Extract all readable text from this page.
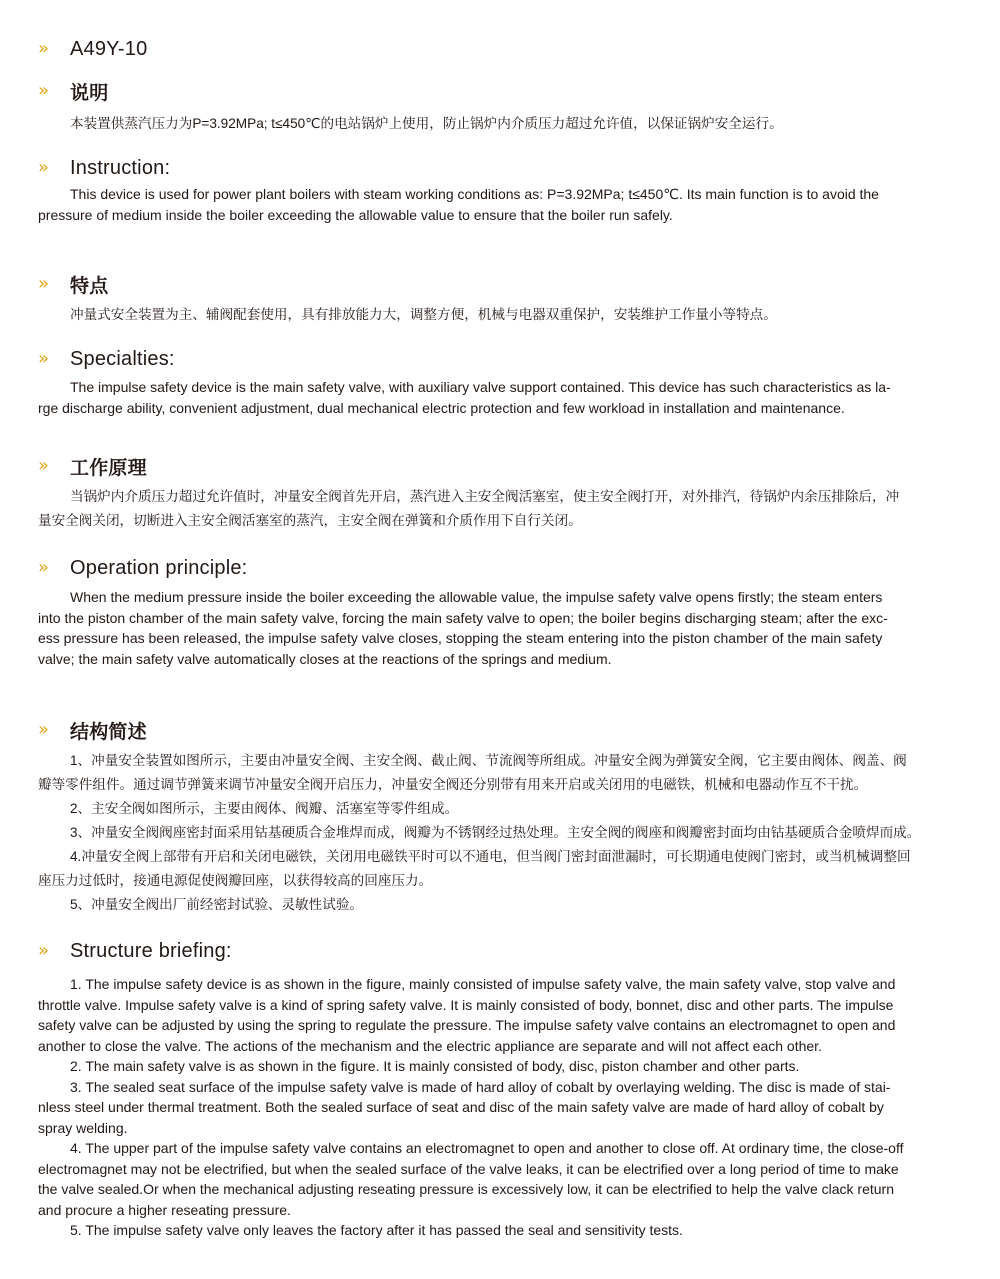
»	A49Y-10
»	说明
本装置供蒸汽压力为P=3.92MPa; t≤450℃的电站锅炉上使用，防止锅炉内介质压力超过允许值，以保证锅炉安全运行。
»	Instruction:
This device is used for power plant boilers with steam working conditions as: P=3.92MPa; t≤450℃. Its main function is to avoid the
pressure of medium inside the boiler exceeding the allowable value to ensure that the boiler run safely.
»	特点
冲量式安全装置为主、辅阀配套使用，具有排放能力大，调整方便，机械与电器双重保护，安装维护工作量小等特点。
»	Specialties:
The impulse safety device is the main safety valve, with auxiliary valve support contained. This device has such characteristics as la-
rge discharge ability, convenient adjustment, dual mechanical electric protection and few workload in installation and maintenance.
»	工作原理
当锅炉内介质压力超过允许值时，冲量安全阀首先开启，蒸汽进入主安全阀活塞室，使主安全阀打开，对外排汽，待锅炉内余压排除后，冲
量安全阀关闭，切断进入主安全阀活塞室的蒸汽，主安全阀在弹簧和介质作用下自行关闭。
»	Operation principle:
When the medium pressure inside the boiler exceeding the allowable value, the impulse safety valve opens firstly; the steam enters
into the piston chamber of the main safety valve, forcing the main safety valve to open; the boiler begins discharging steam; after the exc-
ess pressure has been released, the impulse safety valve closes, stopping the steam entering into the piston chamber of the main safety
valve; the main safety valve automatically closes at the reactions of the springs and medium.
»	结构简述
1、冲量安全装置如图所示，主要由冲量安全阀、主安全阀、截止阀、节流阀等所组成。冲量安全阀为弹簧安全阀，它主要由阀体、阀盖、阀
瓣等零件组件。通过调节弹簧来调节冲量安全阀开启压力，冲量安全阀还分别带有用来开启或关闭用的电磁铁，机械和电器动作互不干扰。
2、主安全阀如图所示，主要由阀体、阀瓣、活塞室等零件组成。
3、冲量安全阀阀座密封面采用钴基硬质合金堆焊而成，阀瓣为不锈钢经过热处理。主安全阀的阀座和阀瓣密封面均由钴基硬质合金喷焊而成。
4.冲量安全阀上部带有开启和关闭电磁铁，关闭用电磁铁平时可以不通电，但当阀门密封面泄漏时，可长期通电使阀门密封，或当机械调整回
座压力过低时，接通电源促使阀瓣回座，以获得较高的回座压力。
5、冲量安全阀出厂前经密封试验、灵敏性试验。
»	Structure briefing:
1. The impulse safety device is as shown in the figure, mainly consisted of impulse safety valve, the main safety valve, stop valve and
throttle valve. Impulse safety valve is a kind of spring safety valve. It is mainly consisted of body, bonnet, disc and other parts. The impulse
safety valve can be adjusted by using the spring to regulate the pressure. The impulse safety valve contains an electromagnet to open and
another to close the valve. The actions of the mechanism and the electric appliance are separate and will not affect each other.
2. The main safety valve is as shown in the figure. It is mainly consisted of body, disc, piston chamber and other parts.
3. The sealed seat surface of the impulse safety valve is made of hard alloy of cobalt by overlaying welding. The disc is made of stai-
nless steel under thermal treatment. Both the sealed surface of seat and disc of the main safety valve are made of hard alloy of cobalt by
spray welding.
4. The upper part of the impulse safety valve contains an electromagnet to open and another to close off. At ordinary time, the close-off
electromagnet may not be electrified, but when the sealed surface of the valve leaks, it can be electrified over a long period of time to make
the valve sealed.Or when the mechanical adjusting reseating pressure is excessively low, it can be electrified to help the valve clack return
and procure a higher reseating pressure.
5. The impulse safety valve only leaves the factory after it has passed the seal and sensitivity tests.
